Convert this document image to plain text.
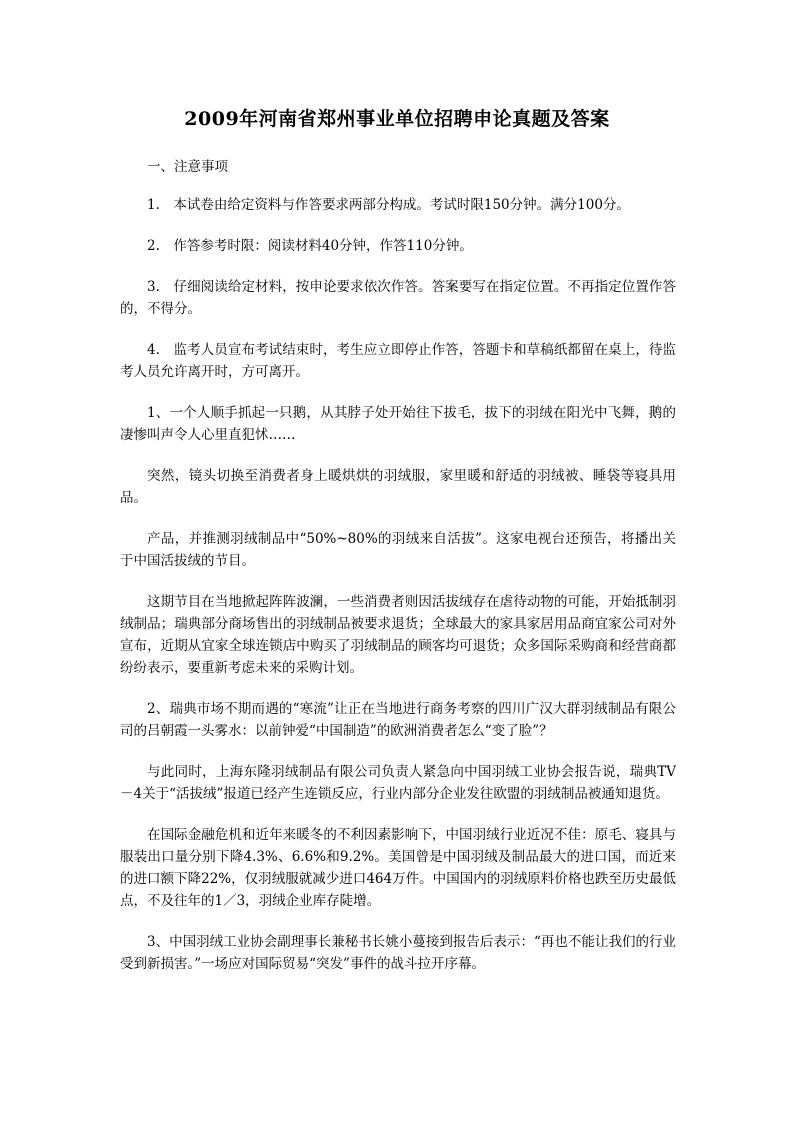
2009年河南省郑州事业单位招聘申论真题及答案

一、注意事项

1.　本试卷由给定资料与作答要求两部分构成。考试时限150分钟。满分100分。

2.　作答参考时限：阅读材料40分钟，作答110分钟。

3.　仔细阅读给定材料，按申论要求依次作答。答案要写在指定位置。不再指定位置作答的，不得分。

4.　监考人员宣布考试结束时，考生应立即停止作答，答题卡和草稿纸都留在桌上，待监考人员允许离开时，方可离开。

1、一个人顺手抓起一只鹅，从其脖子处开始往下拔毛，拔下的羽绒在阳光中飞舞，鹅的凄惨叫声令人心里直犯怵……

突然，镜头切换至消费者身上暖烘烘的羽绒服，家里暖和舒适的羽绒被、睡袋等寝具用品。

产品，并推测羽绒制品中“50%~80%的羽绒来自活拔”。这家电视台还预告，将播出关于中国活拔绒的节目。

这期节目在当地掀起阵阵波澜，一些消费者则因活拔绒存在虐待动物的可能，开始抵制羽绒制品；瑞典部分商场售出的羽绒制品被要求退货；全球最大的家具家居用品商宜家公司对外宣布，近期从宜家全球连锁店中购买了羽绒制品的顾客均可退货；众多国际采购商和经营商都纷纷表示，要重新考虑未来的采购计划。

2、瑞典市场不期而遇的“寒流”让正在当地进行商务考察的四川广汉大群羽绒制品有限公司的吕朝霞一头雾水：以前钟爱“中国制造”的欧洲消费者怎么“变了脸”？

与此同时，上海东隆羽绒制品有限公司负责人紧急向中国羽绒工业协会报告说，瑞典TV－4关于“活拔绒”报道已经产生连锁反应，行业内部分企业发往欧盟的羽绒制品被通知退货。

在国际金融危机和近年来暖冬的不利因素影响下，中国羽绒行业近况不佳：原毛、寝具与服装出口量分别下降4.3%、6.6%和9.2%。美国曾是中国羽绒及制品最大的进口国，而近来的进口额下降22%，仅羽绒服就减少进口464万件。中国国内的羽绒原料价格也跌至历史最低点，不及往年的1／3，羽绒企业库存陡增。

3、中国羽绒工业协会副理事长兼秘书长姚小蔓接到报告后表示：“再也不能让我们的行业受到新损害。”一场应对国际贸易“突发”事件的战斗拉开序幕。
